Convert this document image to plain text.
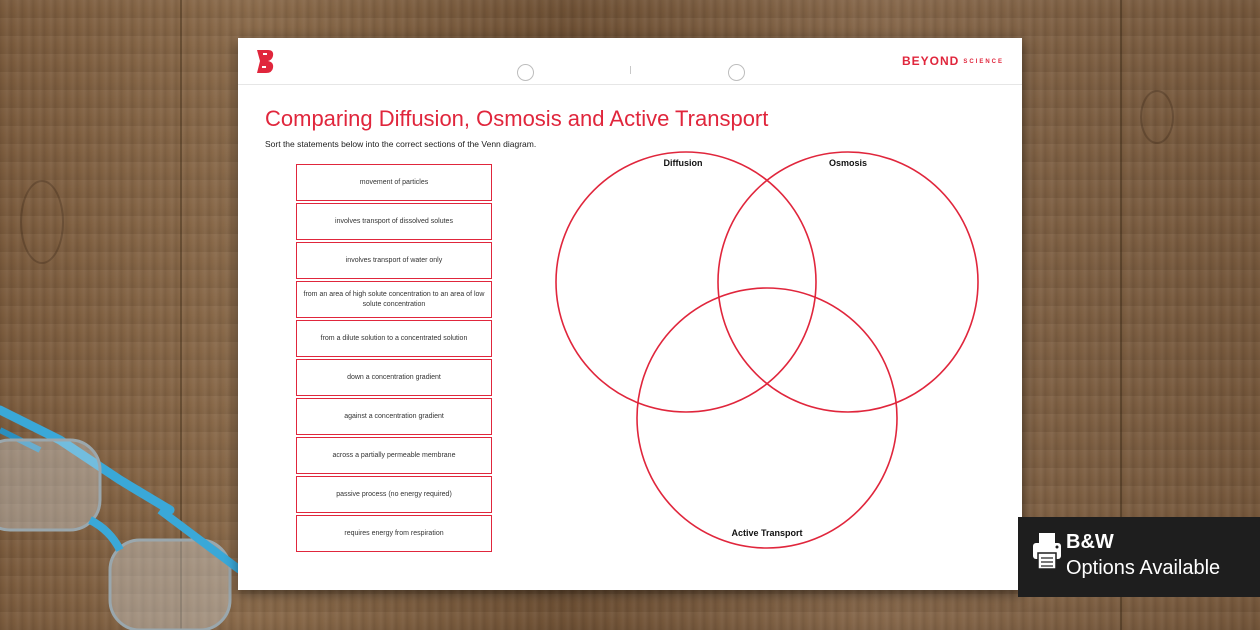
BEYOND SCIENCE
Comparing Diffusion, Osmosis and Active Transport
Sort the statements below into the correct sections of the Venn diagram.
movement of particles
involves transport of dissolved solutes
involves transport of water only
from an area of high solute concentration to an area of low solute concentration
from a dilute solution to a concentrated solution
down a concentration gradient
against a concentration gradient
across a partially permeable membrane
passive process (no energy required)
requires energy from respiration
Diffusion	Osmosis
Active Transport	B&W
Options Available
